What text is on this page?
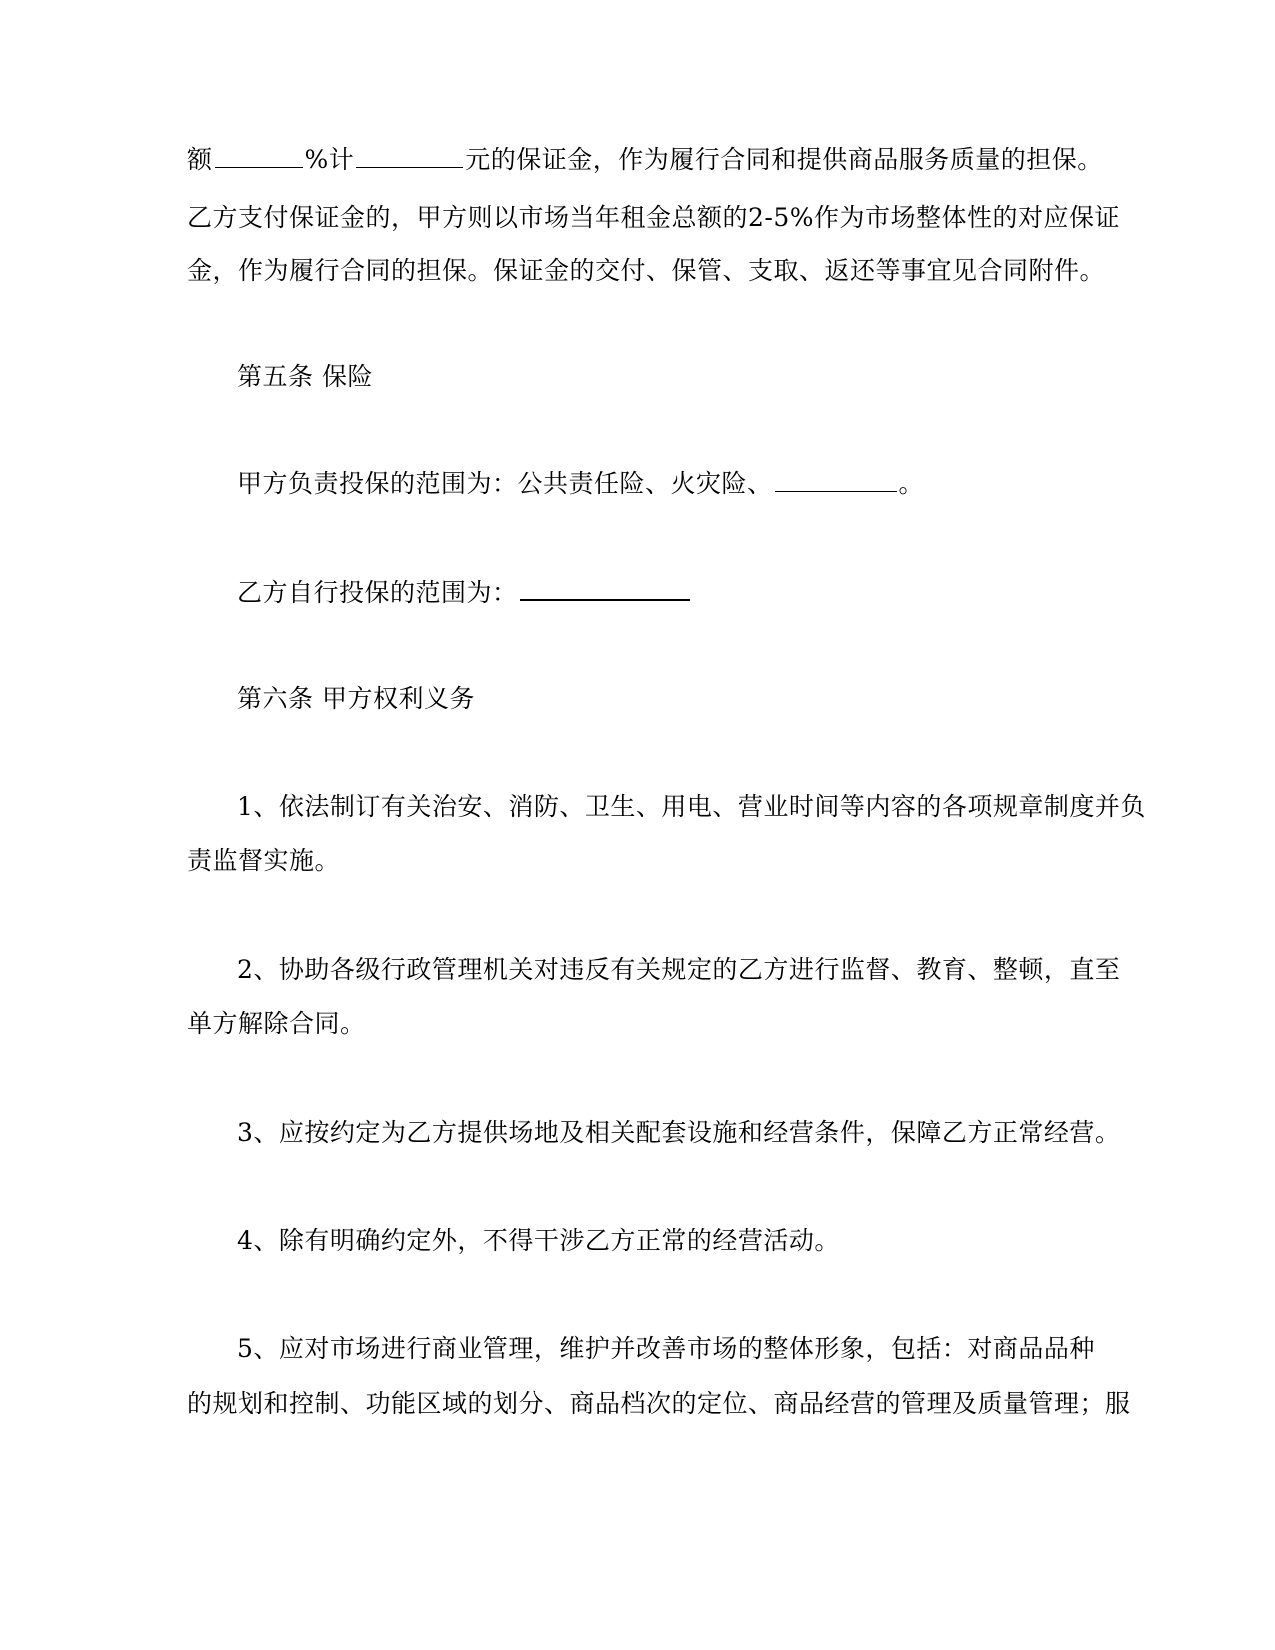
额	%计	元的保证金，作为履行合同和提供商品服务质量的担保。
乙方支付保证金的，甲方则以市场当年租金总额的2-5%作为市场整体性的对应保证
金，作为履行合同的担保。保证金的交付、保管、支取、返还等事宜见合同附件。
第五条 保险
甲方负责投保的范围为：公共责任险、火灾险、	。
乙方自行投保的范围为：
第六条 甲方权利义务
1、依法制订有关治安、消防、卫生、用电、营业时间等内容的各项规章制度并负
责监督实施。
2、协助各级行政管理机关对违反有关规定的乙方进行监督、教育、整顿，直至
单方解除合同。
3、应按约定为乙方提供场地及相关配套设施和经营条件，保障乙方正常经营。
4、除有明确约定外，不得干涉乙方正常的经营活动。
5、应对市场进行商业管理，维护并改善市场的整体形象，包括：对商品品种
的规划和控制、功能区域的划分、商品档次的定位、商品经营的管理及质量管理；服
